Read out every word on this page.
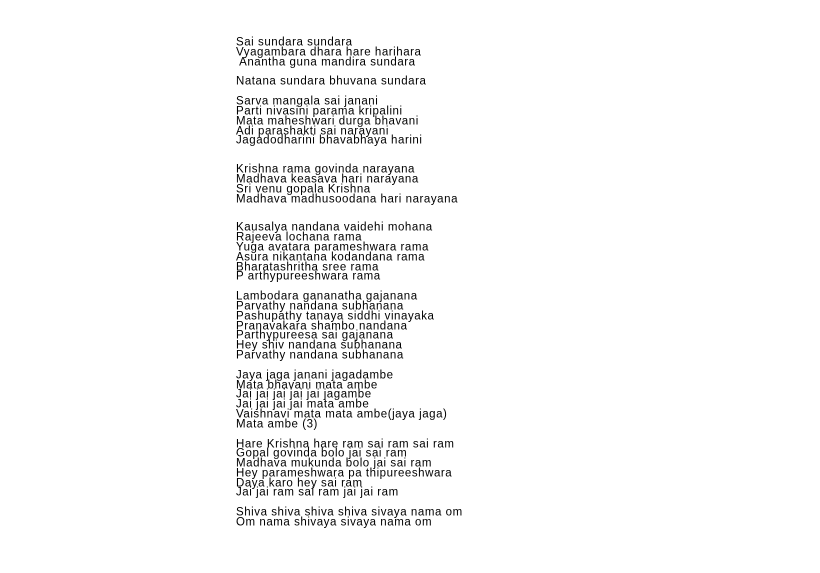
Sai sundara sundara
Vyagambara dhara hare harihara
Anantha guna mandira sundara
Natana sundara bhuvana sundara
Sarva mangala sai janani
Parti nivasini parama kripalini
Mata maheshwari durga bhavani
Adi parashakti sai narayani
Jagadodharini bhavabhaya harini
Krishna rama govinda narayana
Madhava keasava hari narayana
Sri venu gopala Krishna
Madhava madhusoodana hari narayana
Kausalya nandana vaidehi mohana
Rajeeva lochana rama
Yuga avatara parameshwara rama
Asura nikantana kodandana rama
Bharatashritha sree rama
P arthypureeshwara rama
Lambodara gananatha gajanana
Parvathy nandana subhanana
Pashupathy tanaya siddhi vinayaka
Pranavakara shambo nandana
Parthypureesa sai gajanana
Hey shiv nandana subhanana
Parvathy nandana subhanana
Jaya jaga janani jagadambe
Mata bhavani mata ambe
Jai jai jai jai jai jagambe
Jai jai jai jai mata ambe
Vaishnavi mata mata ambe(jaya jaga)
Mata ambe (3)
Hare Krishna hare ram sai ram sai ram
Gopal govinda bolo jai sai ram
Madhava mukunda bolo jai sai ram
Hey parameshwara pa thipureeshwara
Daya karo hey sai ram
Jai jai ram sai ram jai jai ram
Shiva shiva shiva shiva sivaya nama om
Om nama shivaya sivaya nama om
